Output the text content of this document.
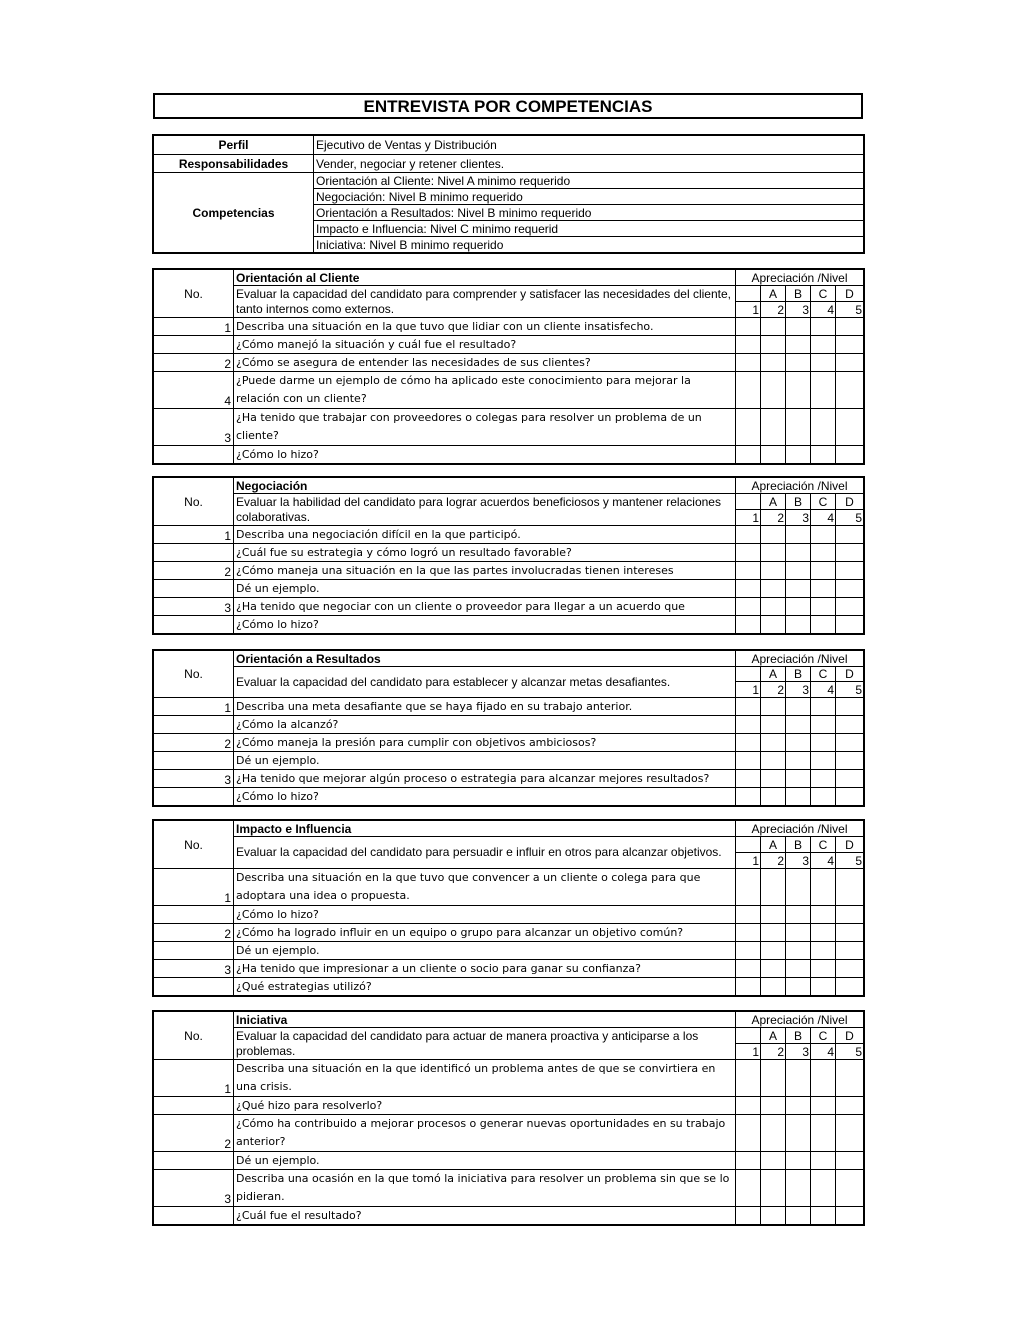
ENTREVISTA POR COMPETENCIAS
Perfil	Ejecutivo de Ventas y Distribución
Responsabilidades	Vender, negociar y retener clientes.
Competencias	Orientación al Cliente: Nivel A minimo requerido
	Negociación: Nivel B minimo requerido
	Orientación a Resultados: Nivel B minimo requerido
	Impacto e Influencia: Nivel C minimo requerid
	Iniciativa: Nivel B minimo requerido
No.	Orientación al Cliente	Apreciación /Nivel				
	Evaluar la capacidad del candidato para comprender y satisfacer las necesidades del cliente, tanto internos como externos.		A	B	C	D
		1	2	3	4	5
1	Describa una situación en la que tuvo que lidiar con un cliente insatisfecho.					
	¿Cómo manejó la situación y cuál fue el resultado?					
2	¿Cómo se asegura de entender las necesidades de sus clientes?					
4	¿Puede darme un ejemplo de cómo ha aplicado este conocimiento para mejorar la relación con un cliente?					
3	¿Ha tenido que trabajar con proveedores o colegas para resolver un problema de un cliente?					
	¿Cómo lo hizo?					
No.	Negociación	Apreciación /Nivel				
	Evaluar la habilidad del candidato para lograr acuerdos beneficiosos y mantener relaciones colaborativas.		A	B	C	D
		1	2	3	4	5
1	Describa una negociación difícil en la que participó.					
	¿Cuál fue su estrategia y cómo logró un resultado favorable?					
2	¿Cómo maneja una situación en la que las partes involucradas tienen intereses					
	Dé un ejemplo.					
3	¿Ha tenido que negociar con un cliente o proveedor para llegar a un acuerdo que					
	¿Cómo lo hizo?					
No.	Orientación a Resultados	Apreciación /Nivel				
	Evaluar la capacidad del candidato para establecer y alcanzar metas desafiantes.		A	B	C	D
		1	2	3	4	5
1	Describa una meta desafiante que se haya fijado en su trabajo anterior.					
	¿Cómo la alcanzó?					
2	¿Cómo maneja la presión para cumplir con objetivos ambiciosos?					
	Dé un ejemplo.					
3	¿Ha tenido que mejorar algún proceso o estrategia para alcanzar mejores resultados?					
	¿Cómo lo hizo?					
No.	Impacto e Influencia	Apreciación /Nivel				
	Evaluar la capacidad del candidato para persuadir e influir en otros para alcanzar objetivos.		A	B	C	D
		1	2	3	4	5
1	Describa una situación en la que tuvo que convencer a un cliente o colega para que adoptara una idea o propuesta.					
	¿Cómo lo hizo?					
2	¿Cómo ha logrado influir en un equipo o grupo para alcanzar un objetivo común?					
	Dé un ejemplo.					
3	¿Ha tenido que impresionar a un cliente o socio para ganar su confianza?					
	¿Qué estrategias utilizó?					
No.	Iniciativa	Apreciación /Nivel				
	Evaluar la capacidad del candidato para actuar de manera proactiva y anticiparse a los problemas.		A	B	C	D
		1	2	3	4	5
1	Describa una situación en la que identificó un problema antes de que se convirtiera en una crisis.					
	¿Qué hizo para resolverlo?					
2	¿Cómo ha contribuido a mejorar procesos o generar nuevas oportunidades en su trabajo anterior?					
	Dé un ejemplo.					
3	Describa una ocasión en la que tomó la iniciativa para resolver un problema sin que se lo pidieran.					
	¿Cuál fue el resultado?					
